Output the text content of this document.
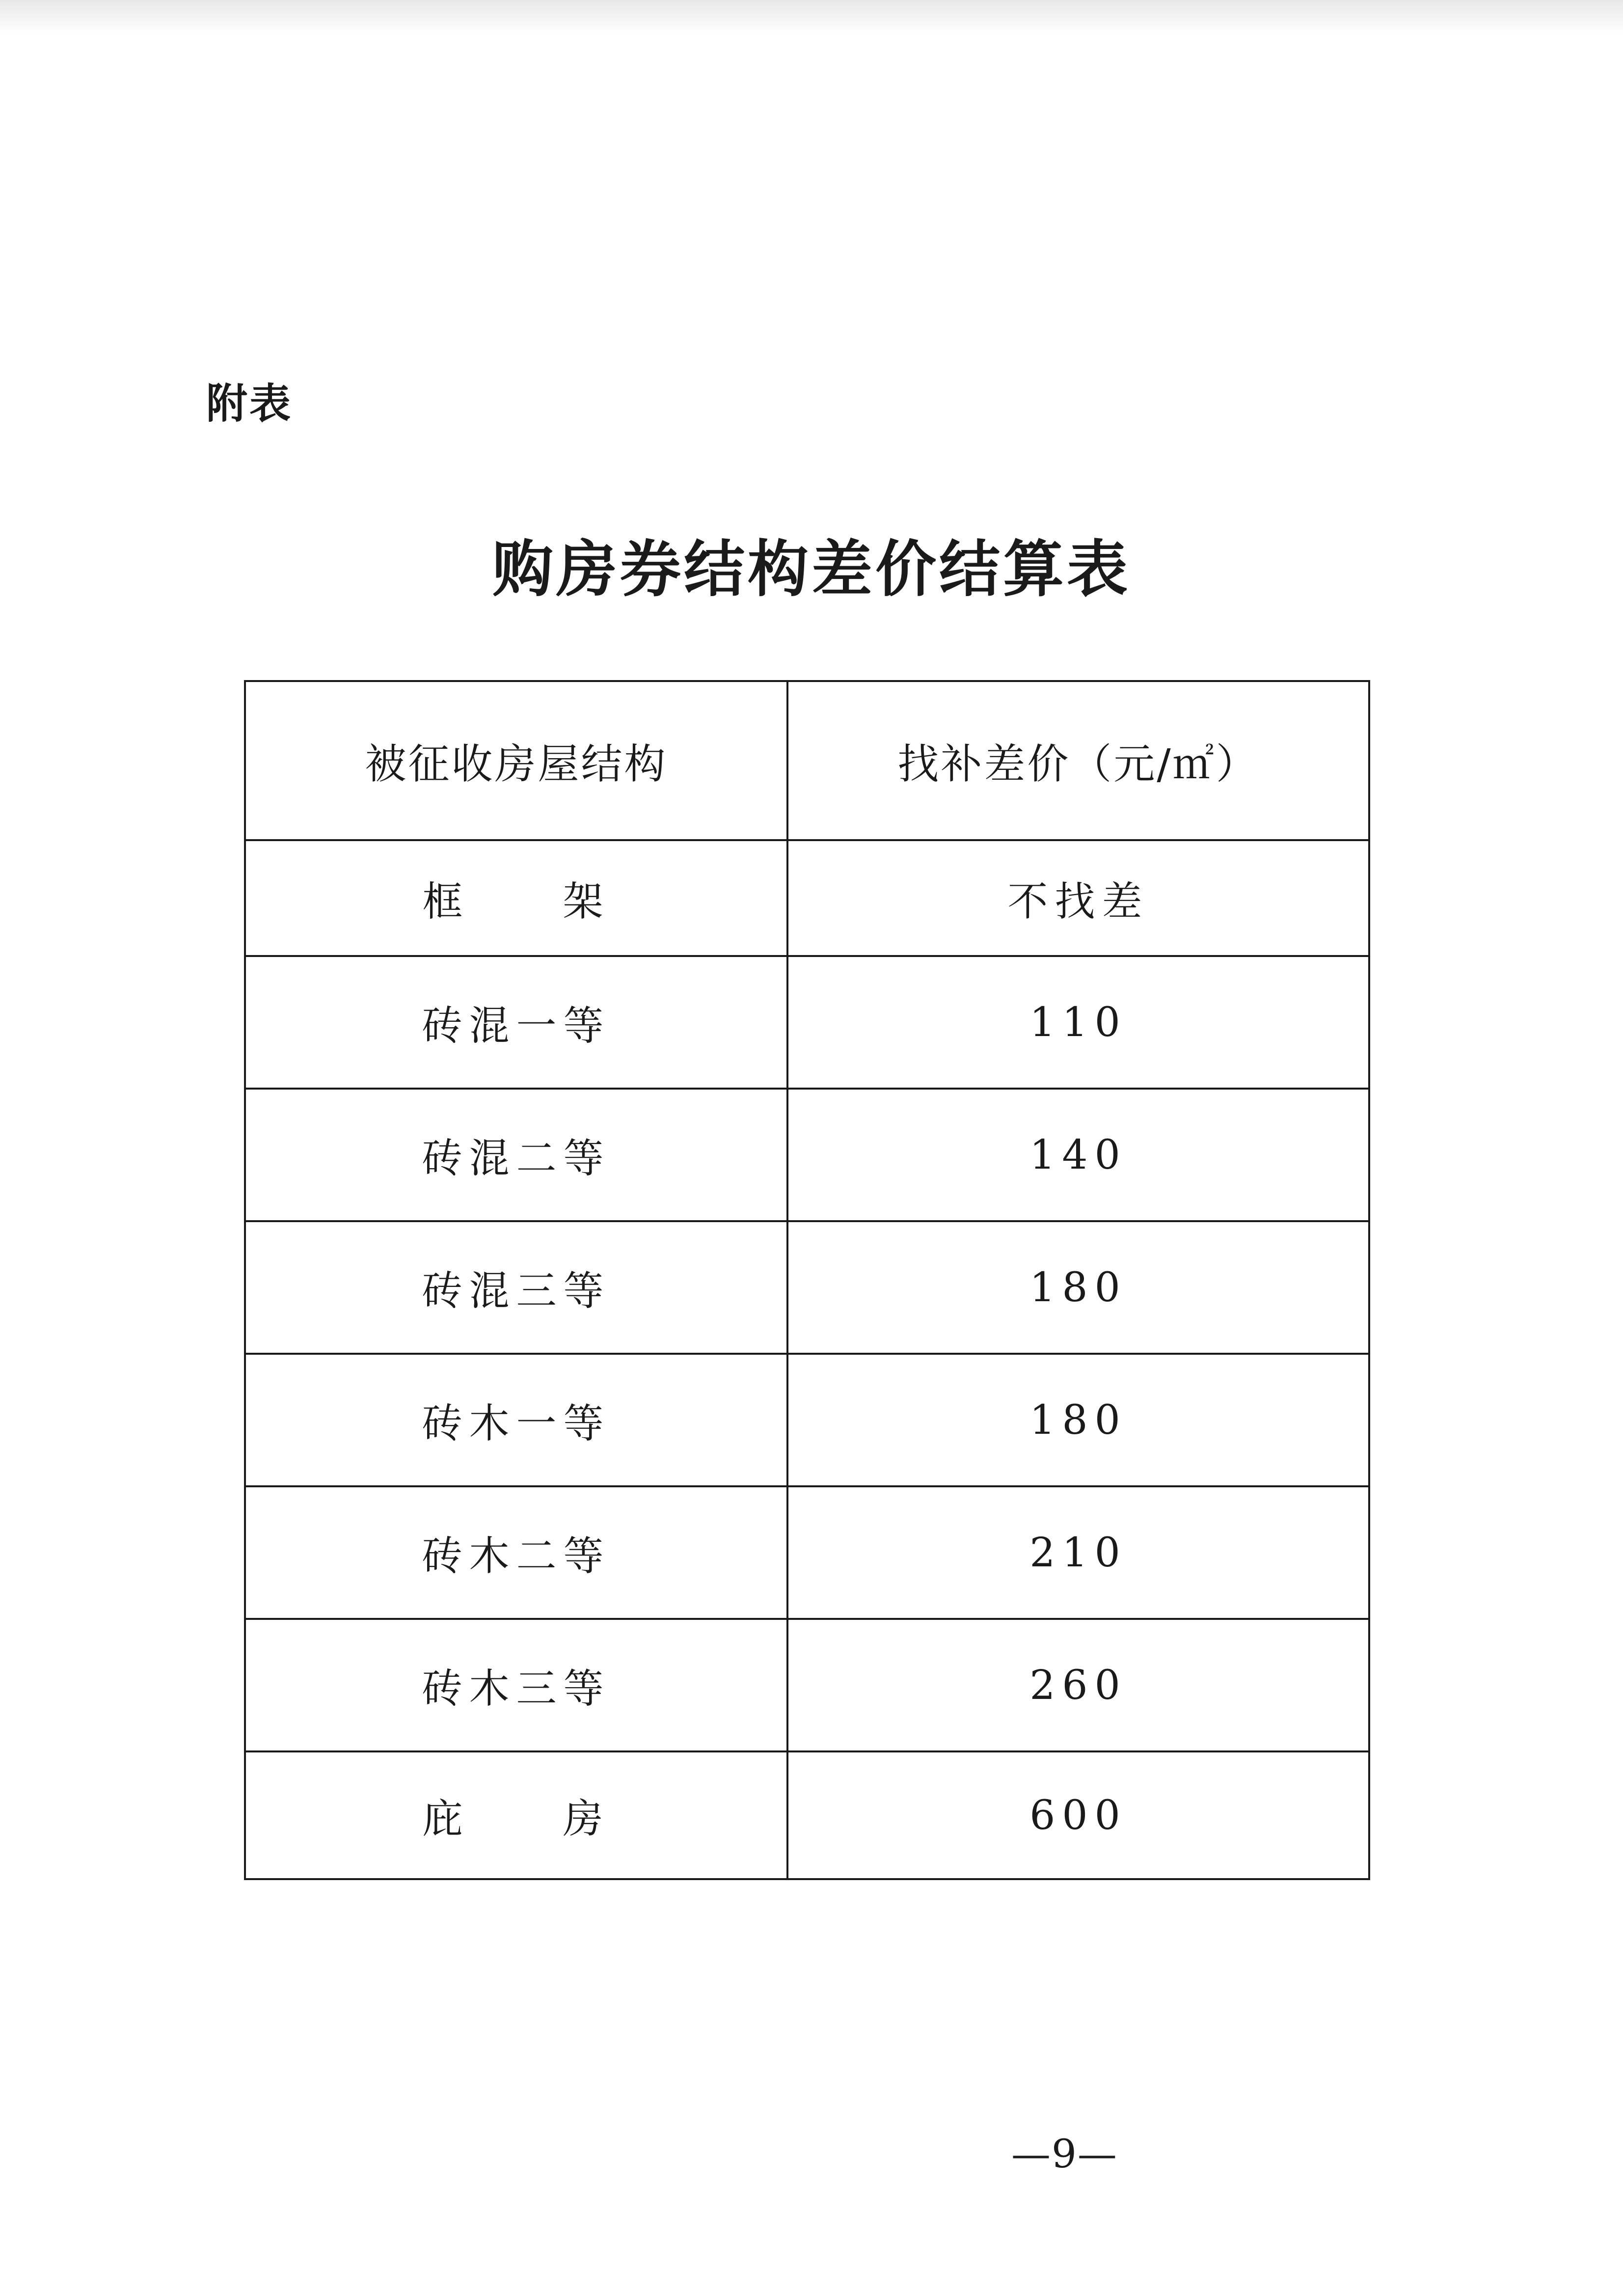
附表
购房券结构差价结算表
被征收房屋结构	找补差价（元/㎡）
框 架	不找差
砖混一等	110
砖混二等	140
砖混三等	180
砖木一等	180
砖木二等	210
砖木三等	260
庇 房	600
—9—
